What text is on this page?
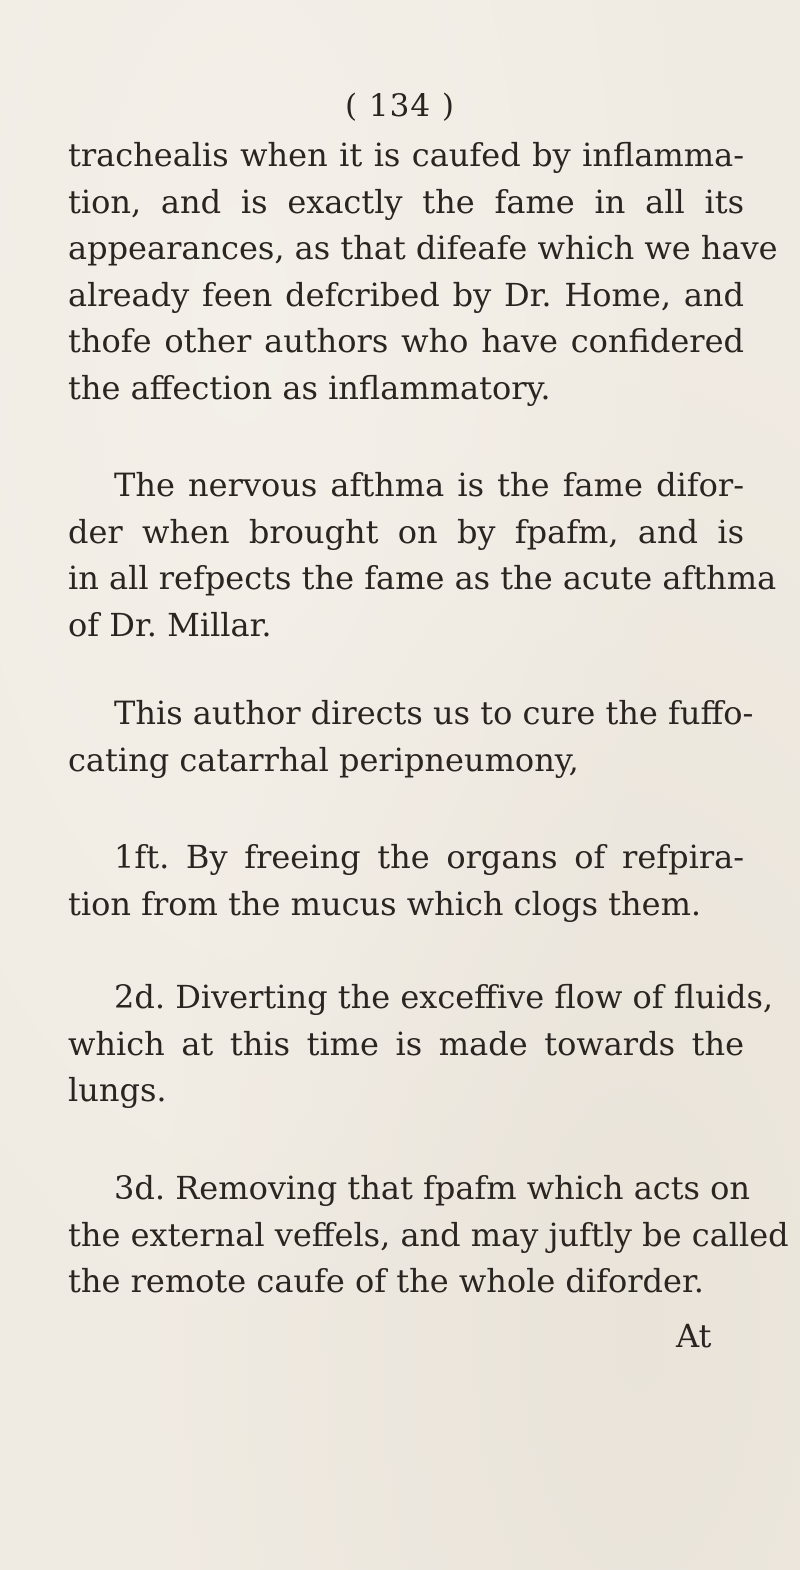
( 134 )
trachealis when it is caufed by inflamma-
tion, and is exactly the fame in all its
appearances, as that difeafe which we have
already feen defcribed by Dr. Home, and
thofe other authors who have confidered
the affection as inflammatory.
The nervous afthma is the fame difor-
der when brought on by fpafm, and is
in all refpects the fame as the acute afthma
of Dr. Millar.
This author directs us to cure the fuffo-
cating catarrhal peripneumony,
1ft. By freeing the organs of refpira-
tion from the mucus which clogs them.
2d. Diverting the exceffive flow of fluids,
which at this time is made towards the
lungs.
3d. Removing that fpafm which acts on
the external veffels, and may juftly be called
the remote caufe of the whole diforder.
At
